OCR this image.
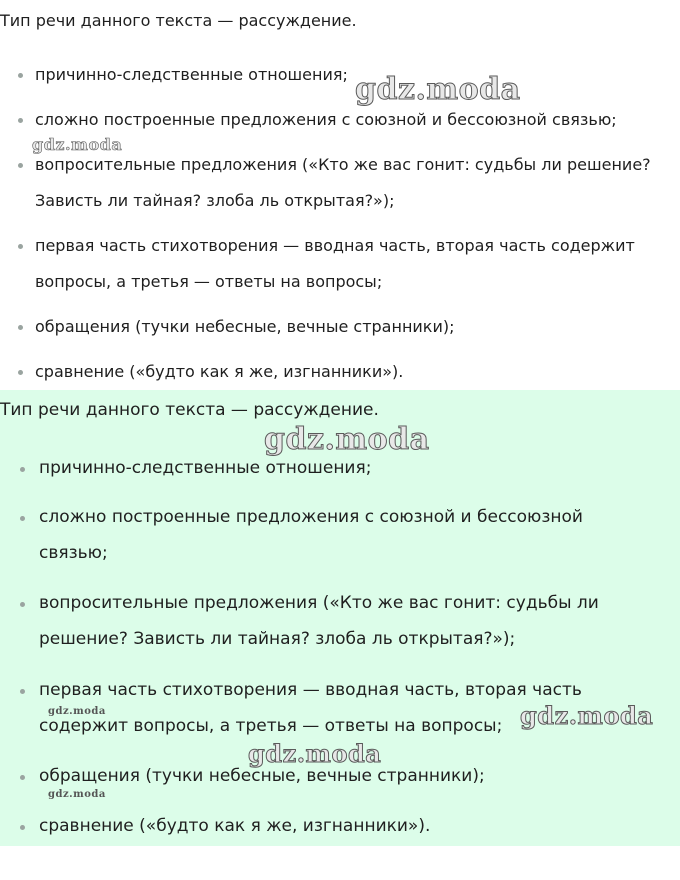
Тип речи данного текста — рассуждение.

причинно-следственные отношения;
сложно построенные предложения с союзной и бессоюзной связью;
вопросительные предложения («Кто же вас гонит: судьбы ли решение?
Зависть ли тайная? злоба ль открытая?»);
первая часть стихотворения — вводная часть, вторая часть содержит
вопросы, а третья — ответы на вопросы;
обращения (тучки небесные, вечные странники);
сравнение («будто как я же, изгнанники»).
gdz.moda
gdz.moda

Тип речи данного текста — рассуждение.

причинно-следственные отношения;
сложно построенные предложения с союзной и бессоюзной
связью;
вопросительные предложения («Кто же вас гонит: судьбы ли
решение? Зависть ли тайная? злоба ль открытая?»);
первая часть стихотворения — вводная часть, вторая часть
содержит вопросы, а третья — ответы на вопросы;
обращения (тучки небесные, вечные странники);
сравнение («будто как я же, изгнанники»).
gdz.moda
gdz.moda
gdz.moda
gdz.moda
gdz.moda
